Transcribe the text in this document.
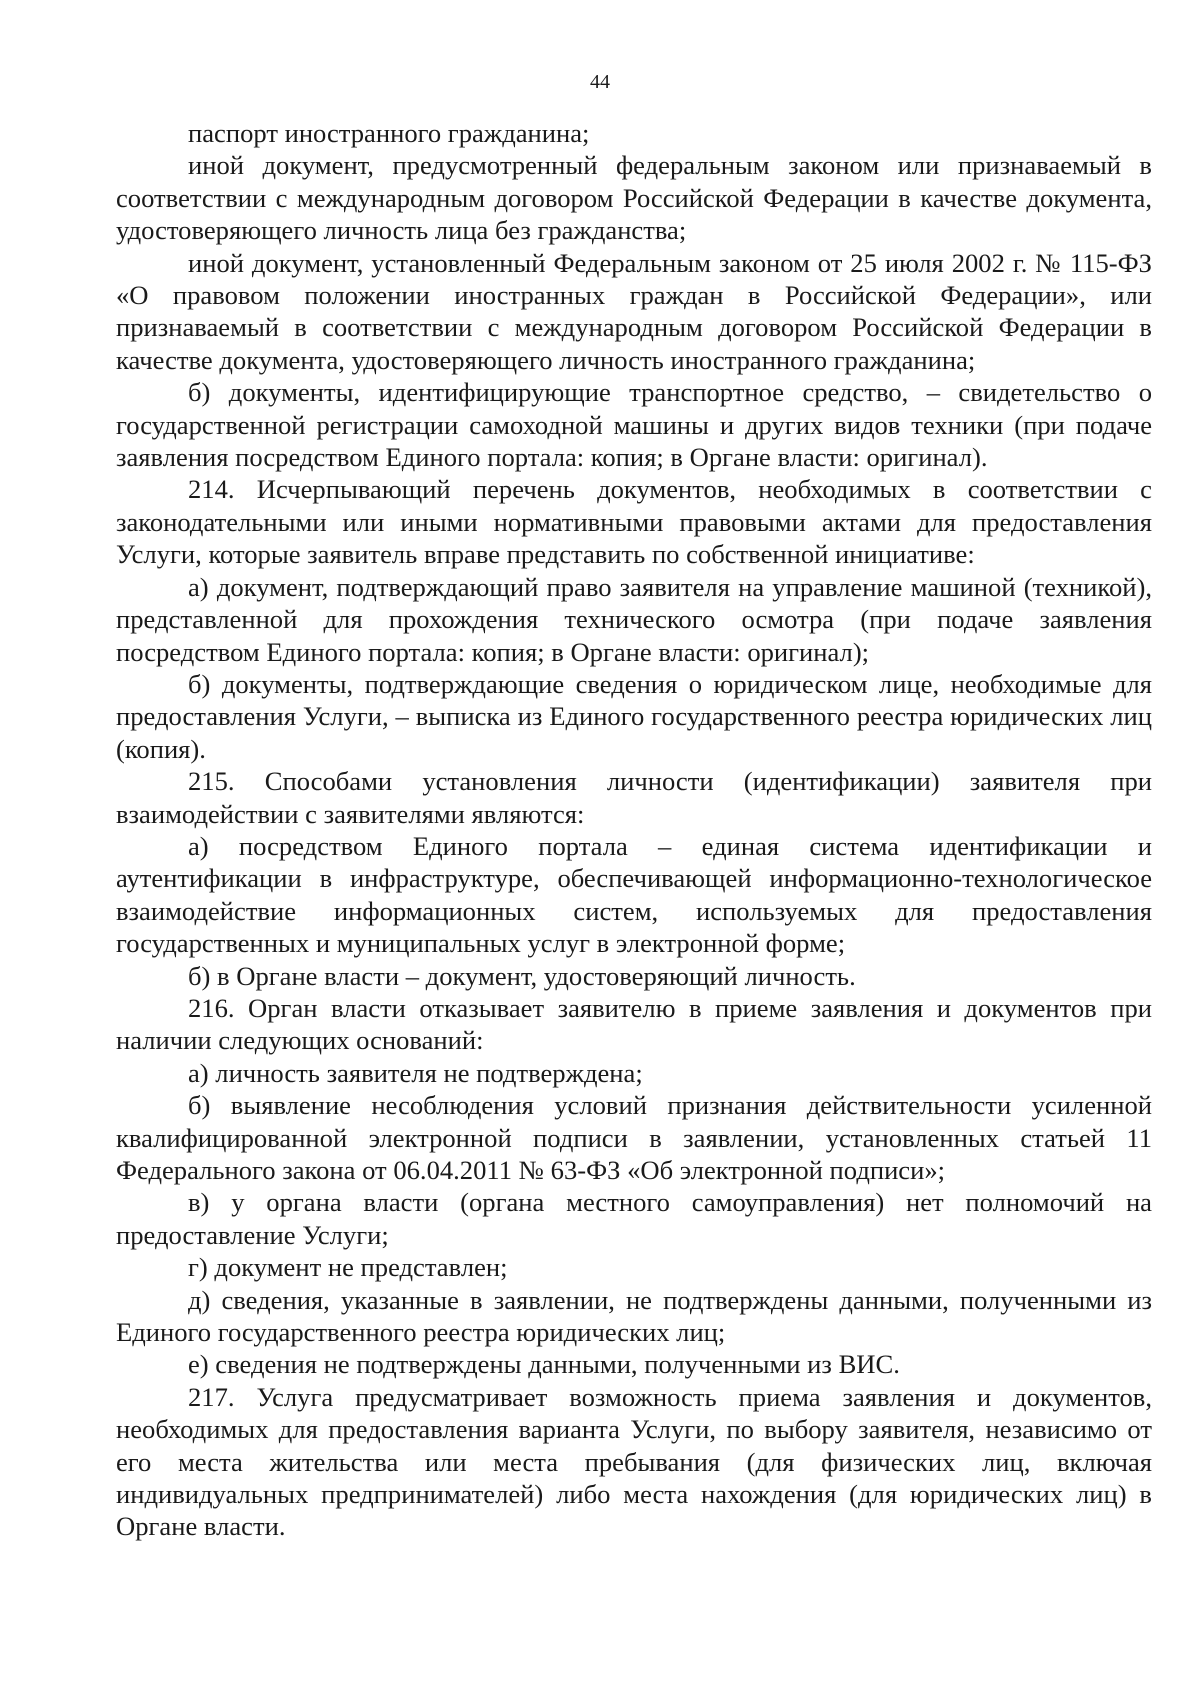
44

паспорт иностранного гражданина;

иной документ, предусмотренный федеральным законом или признаваемый в соответствии с международным договором Российской Федерации в качестве документа, удостоверяющего личность лица без гражданства;

иной документ, установленный Федеральным законом от 25 июля 2002 г. № 115-ФЗ «О правовом положении иностранных граждан в Российской Федерации», или признаваемый в соответствии с международным договором Российской Федерации в качестве документа, удостоверяющего личность иностранного гражданина;

б) документы, идентифицирующие транспортное средство, – свидетельство о государственной регистрации самоходной машины и других видов техники (при подаче заявления посредством Единого портала: копия; в Органе власти: оригинал).

214. Исчерпывающий перечень документов, необходимых в соответствии с законодательными или иными нормативными правовыми актами для предоставления Услуги, которые заявитель вправе представить по собственной инициативе:

а) документ, подтверждающий право заявителя на управление машиной (техникой), представленной для прохождения технического осмотра (при подаче заявления посредством Единого портала: копия; в Органе власти: оригинал);

б) документы, подтверждающие сведения о юридическом лице, необходимые для предоставления Услуги, – выписка из Единого государственного реестра юридических лиц (копия).

215. Способами установления личности (идентификации) заявителя при взаимодействии с заявителями являются:

а) посредством Единого портала – единая система идентификации и аутентификации в инфраструктуре, обеспечивающей информационно-технологическое взаимодействие информационных систем, используемых для предоставления государственных и муниципальных услуг в электронной форме;

б) в Органе власти – документ, удостоверяющий личность.

216. Орган власти отказывает заявителю в приеме заявления и документов при наличии следующих оснований:

а) личность заявителя не подтверждена;

б) выявление несоблюдения условий признания действительности усиленной квалифицированной электронной подписи в заявлении, установленных статьей 11 Федерального закона от 06.04.2011 № 63-ФЗ «Об электронной подписи»;

в) у органа власти (органа местного самоуправления) нет полномочий на предоставление Услуги;

г) документ не представлен;

д) сведения, указанные в заявлении, не подтверждены данными, полученными из Единого государственного реестра юридических лиц;

е) сведения не подтверждены данными, полученными из ВИС.

217. Услуга предусматривает возможность приема заявления и документов, необходимых для предоставления варианта Услуги, по выбору заявителя, независимо от его места жительства или места пребывания (для физических лиц, включая индивидуальных предпринимателей) либо места нахождения (для юридических лиц) в Органе власти.
